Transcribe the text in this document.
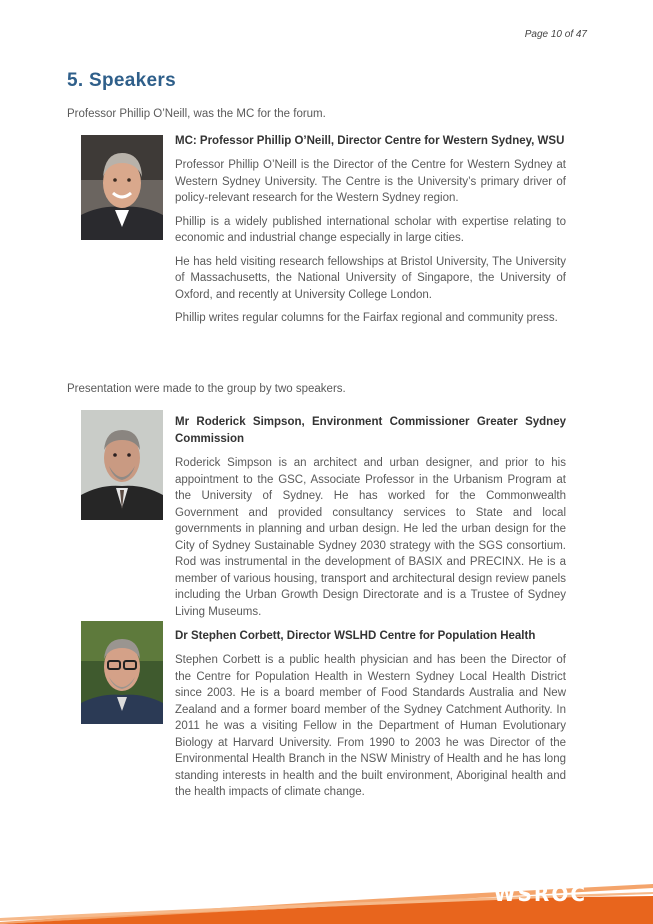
Page 10 of 47
5. Speakers

Professor Phillip O’Neill, was the MC for the forum.

MC: Professor Phillip O’Neill, Director Centre for Western Sydney, WSU

Professor Phillip O’Neill is the Director of the Centre for Western Sydney at Western Sydney University. The Centre is the University’s primary driver of policy-relevant research for the Western Sydney region.

Phillip is a widely published international scholar with expertise relating to economic and industrial change especially in large cities.

He has held visiting research fellowships at Bristol University, The University of Massachusetts, the National University of Singapore, the University of Oxford, and recently at University College London.

Phillip writes regular columns for the Fairfax regional and community press.

Presentation were made to the group by two speakers.

Mr Roderick Simpson, Environment Commissioner Greater Sydney Commission

Roderick Simpson is an architect and urban designer, and prior to his appointment to the GSC, Associate Professor in the Urbanism Program at the University of Sydney. He has worked for the Commonwealth Government and provided consultancy services to State and local governments in planning and urban design. He led the urban design for the City of Sydney Sustainable Sydney 2030 strategy with the SGS consortium. Rod was instrumental in the development of BASIX and PRECINX. He is a member of various housing, transport and architectural design review panels including the Urban Growth Design Directorate and is a Trustee of Sydney Living Museums.

Dr Stephen Corbett, Director WSLHD Centre for Population Health

Stephen Corbett is a public health physician and has been the Director of the Centre for Population Health in Western Sydney Local Health District since 2003. He is a board member of Food Standards Australia and New Zealand and a former board member of the Sydney Catchment Authority. In 2011 he was a visiting Fellow in the Department of Human Evolutionary Biology at Harvard University. From 1990 to 2003 he was Director of the Environmental Health Branch in the NSW Ministry of Health and he has long standing interests in health and the built environment, Aboriginal health and the health impacts of climate change.

WSROC
